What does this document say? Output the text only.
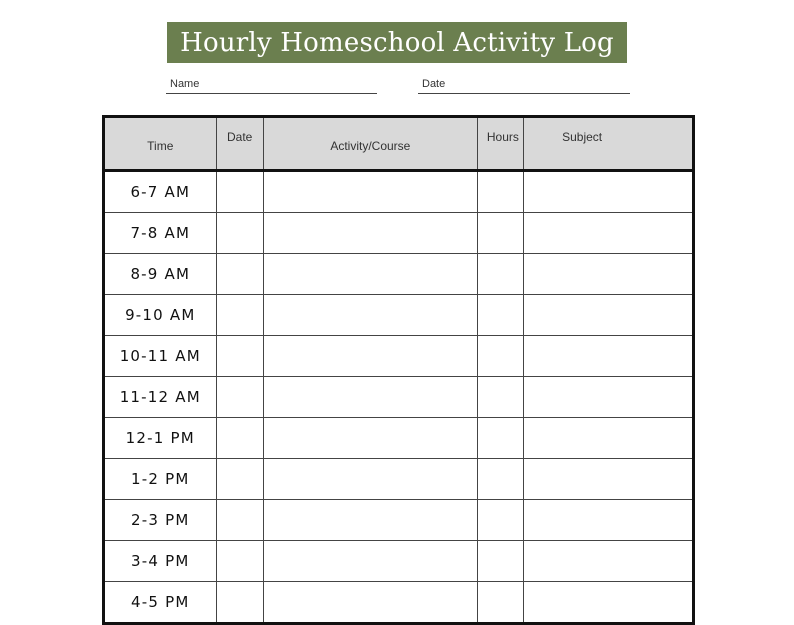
Hourly Homeschool Activity Log
Name	Date
Time	Date	Activity/Course	Hours	Subject
6-7 AM				
7-8 AM				
8-9 AM				
9-10 AM				
10-11 AM				
11-12 AM				
12-1 PM				
1-2 PM				
2-3 PM				
3-4 PM				
4-5 PM				
